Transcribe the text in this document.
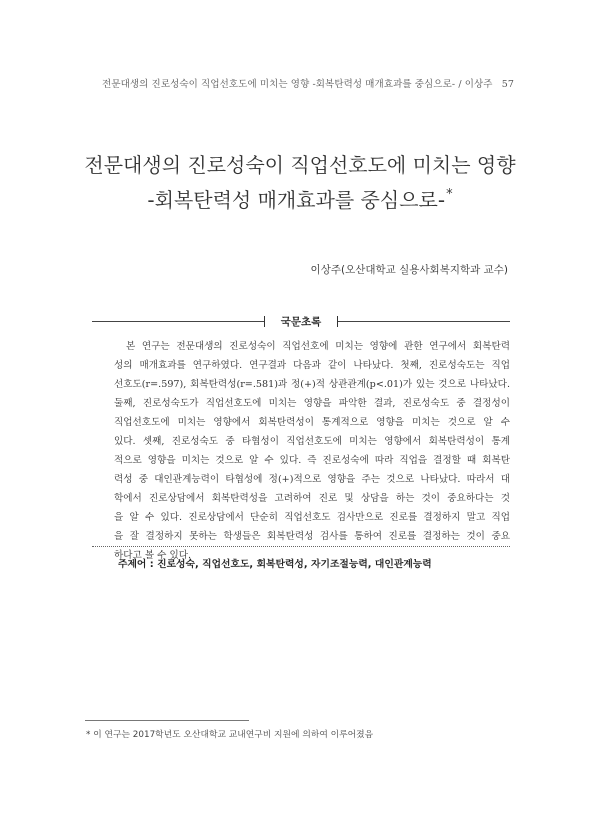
전문대생의 진로성숙이 직업선호도에 미치는 영향 -회복탄력성 매개효과를 중심으로- / 이상주 57
전문대생의 진로성숙이 직업선호도에 미치는 영향
-회복탄력성 매개효과를 중심으로-*
이상주(오산대학교 실용사회복지학과 교수)
국문초록
본 연구는 전문대생의 진로성숙이 직업선호에 미치는 영향에 관한 연구에서 회복탄력
성의 매개효과를 연구하였다. 연구결과 다음과 같이 나타났다. 첫째, 진로성숙도는 직업
선호도(r=.597), 회복탄력성(r=.581)과 정(+)적 상관관계(p<.01)가 있는 것으로 나타났다.
둘째, 진로성숙도가 직업선호도에 미치는 영향을 파악한 결과, 진로성숙도 중 결정성이
직업선호도에 미치는 영향에서 회복탄력성이 통계적으로 영향을 미치는 것으로 알 수
있다. 셋째, 진로성숙도 중 타협성이 직업선호도에 미치는 영향에서 회복탄력성이 통계
적으로 영향을 미치는 것으로 알 수 있다. 즉 진로성숙에 따라 직업을 결정할 때 회복탄
력성 중 대인관계능력이 타협성에 정(+)적으로 영향을 주는 것으로 나타났다. 따라서 대
학에서 진로상담에서 회복탄력성을 고려하여 진로 및 상담을 하는 것이 중요하다는 것
을 알 수 있다. 진로상담에서 단순히 직업선호도 검사만으로 진로를 결정하지 말고 직업
을 잘 결정하지 못하는 학생들은 회복탄력성 검사를 통하여 진로를 결정하는 것이 중요
하다고 볼 수 있다.
주제어 : 진로성숙, 직업선호도, 회복탄력성, 자기조절능력, 대인관계능력
* 이 연구는 2017학년도 오산대학교 교내연구비 지원에 의하여 이루어졌음
